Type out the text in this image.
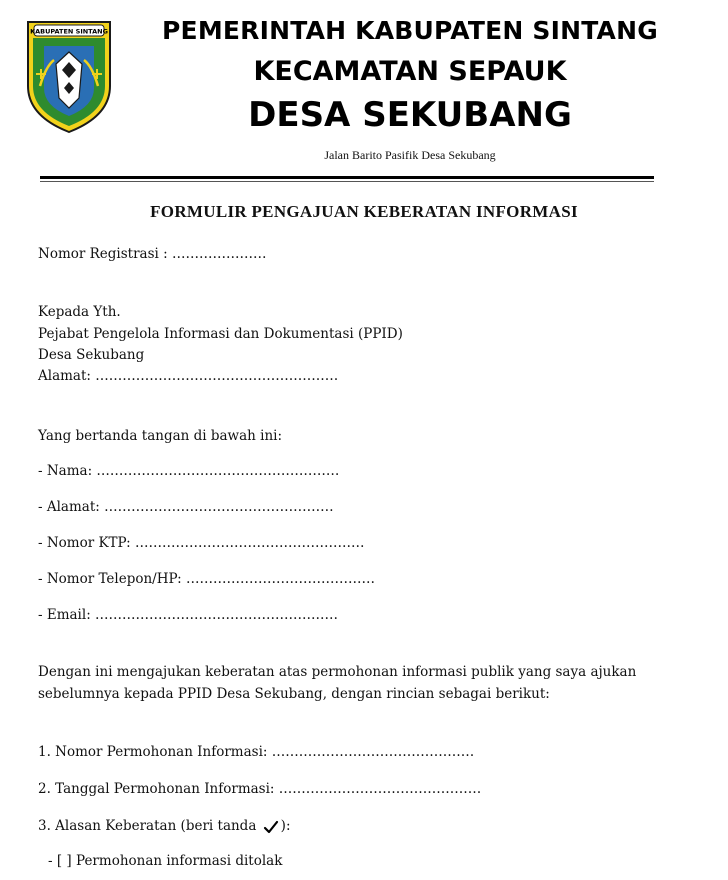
KABUPATEN SINTANG	PEMERINTAH KABUPATEN SINTANG
KECAMATAN SEPAUK
DESA SEKUBANG
Jalan Barito Pasifik Desa Sekubang
FORMULIR PENGAJUAN KEBERATAN INFORMASI
Nomor Registrasi : …………………
Kepada Yth.
Pejabat Pengelola Informasi dan Dokumentasi (PPID)
Desa Sekubang
Alamat: ………………………………………………
Yang bertanda tangan di bawah ini:
- Nama: ………………………………………………
- Alamat: ……………………………………………
- Nomor KTP: ……………………………………………
- Nomor Telepon/HP: ……………………………………
- Email: ………………………………………………
Dengan ini mengajukan keberatan atas permohonan informasi publik yang saya ajukan
sebelumnya kepada PPID Desa Sekubang, dengan rincian sebagai berikut:
1. Nomor Permohonan Informasi: ………………………………………
2. Tanggal Permohonan Informasi: ………………………………………
3. Alasan Keberatan (beri tanda ):
- [ ] Permohonan informasi ditolak
